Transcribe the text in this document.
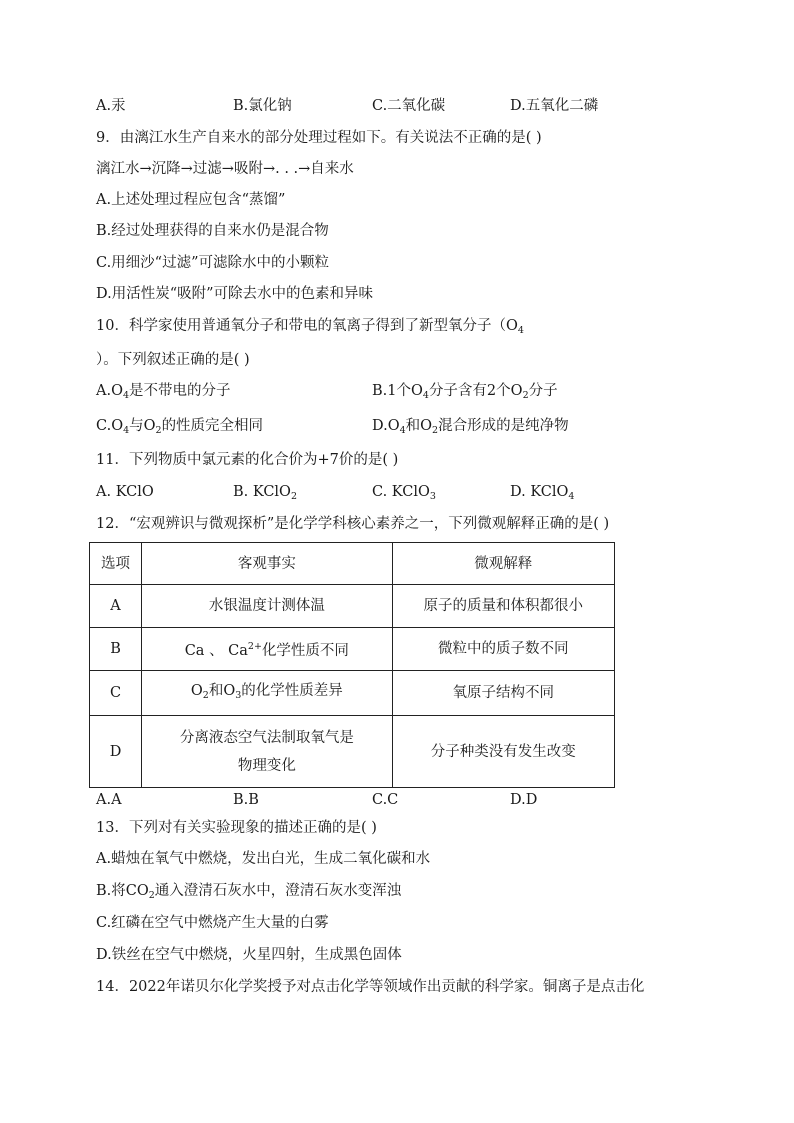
A.汞	B.氯化钠	C.二氧化碳	D.五氧化二磷
9．由漓江水生产自来水的部分处理过程如下。有关说法不正确的是( )
漓江水→沉降→过滤→吸附→. . .→自来水
A.上述处理过程应包含“蒸馏”
B.经过处理获得的自来水仍是混合物
C.用细沙“过滤”可滤除水中的小颗粒
D.用活性炭“吸附”可除去水中的色素和异味
10．科学家使用普通氧分子和带电的氧离子得到了新型氧分子（$O_4$
）。下列叙述正确的是( )
$A.O_4$是不带电的分子	B.1个$O_4$分子含有2个$O_2$分子
$C.O_4$与$O_2$的性质完全相同	$D.O_4$和$O_2$混合形成的是纯净物
11．下列物质中氯元素的化合价为+7价的是( )
A. KClO	B. KClO$_2$	C. KClO$_3$	D. KClO$_4$
12．“宏观辨识与微观探析”是化学学科核心素养之一，下列微观解释正确的是( )
选项	客观事实	微观解释
A	水银温度计测体温	原子的质量和体积都很小
B	Ca 、 $Ca^{2+}$化学性质不同	微粒中的质子数不同
C	$O_2$和$O_3$的化学性质差异	氧原子结构不同
D	分离液态空气法制取氧气是
物理变化	分子种类没有发生改变
A.A	B.B	C.C	D.D
13．下列对有关实验现象的描述正确的是( )
A.蜡烛在氧气中燃烧，发出白光，生成二氧化碳和水
B.将$CO_2$通入澄清石灰水中，澄清石灰水变浑浊
C.红磷在空气中燃烧产生大量的白雾
D.铁丝在空气中燃烧，火星四射，生成黑色固体
14．2022年诺贝尔化学奖授予对点击化学等领域作出贡献的科学家。铜离子是点击化
